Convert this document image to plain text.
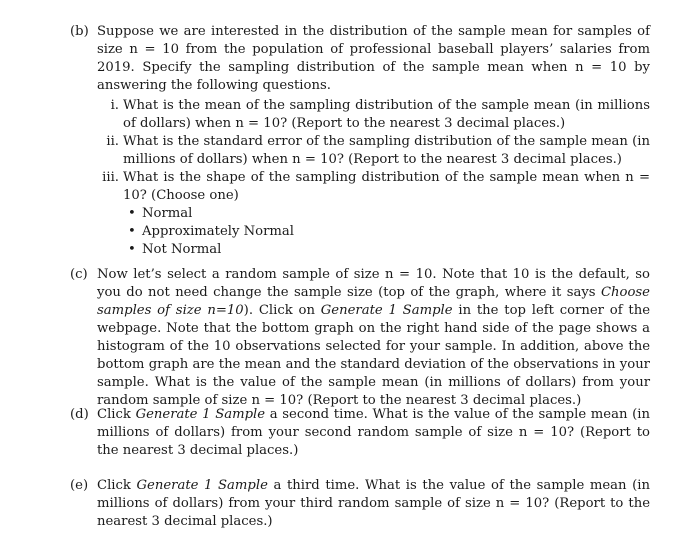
(b) Suppose we are interested in the distribution of the sample mean for samples of size n = 10 from the population of professional baseball players’ salaries from 2019. Specify the sampling distribution of the sample mean when n = 10 by answering the following questions.
i. What is the mean of the sampling distribution of the sample mean (in millions of dollars) when n = 10? (Report to the nearest 3 decimal places.)
ii. What is the standard error of the sampling distribution of the sample mean (in millions of dollars) when n = 10? (Report to the nearest 3 decimal places.)
iii. What is the shape of the sampling distribution of the sample mean when n = 10? (Choose one)
• Normal
• Approximately Normal
• Not Normal
(c) Now let’s select a random sample of size n = 10. Note that 10 is the default, so you do not need change the sample size (top of the graph, where it says Choose samples of size n=10). Click on Generate 1 Sample in the top left corner of the webpage. Note that the bottom graph on the right hand side of the page shows a histogram of the 10 observations selected for your sample. In addition, above the bottom graph are the mean and the standard deviation of the observations in your sample. What is the value of the sample mean (in millions of dollars) from your random sample of size n = 10? (Report to the nearest 3 decimal places.)
(d) Click Generate 1 Sample a second time. What is the value of the sample mean (in millions of dollars) from your second random sample of size n = 10? (Report to the nearest 3 decimal places.)
(e) Click Generate 1 Sample a third time. What is the value of the sample mean (in millions of dollars) from your third random sample of size n = 10? (Report to the nearest 3 decimal places.)
